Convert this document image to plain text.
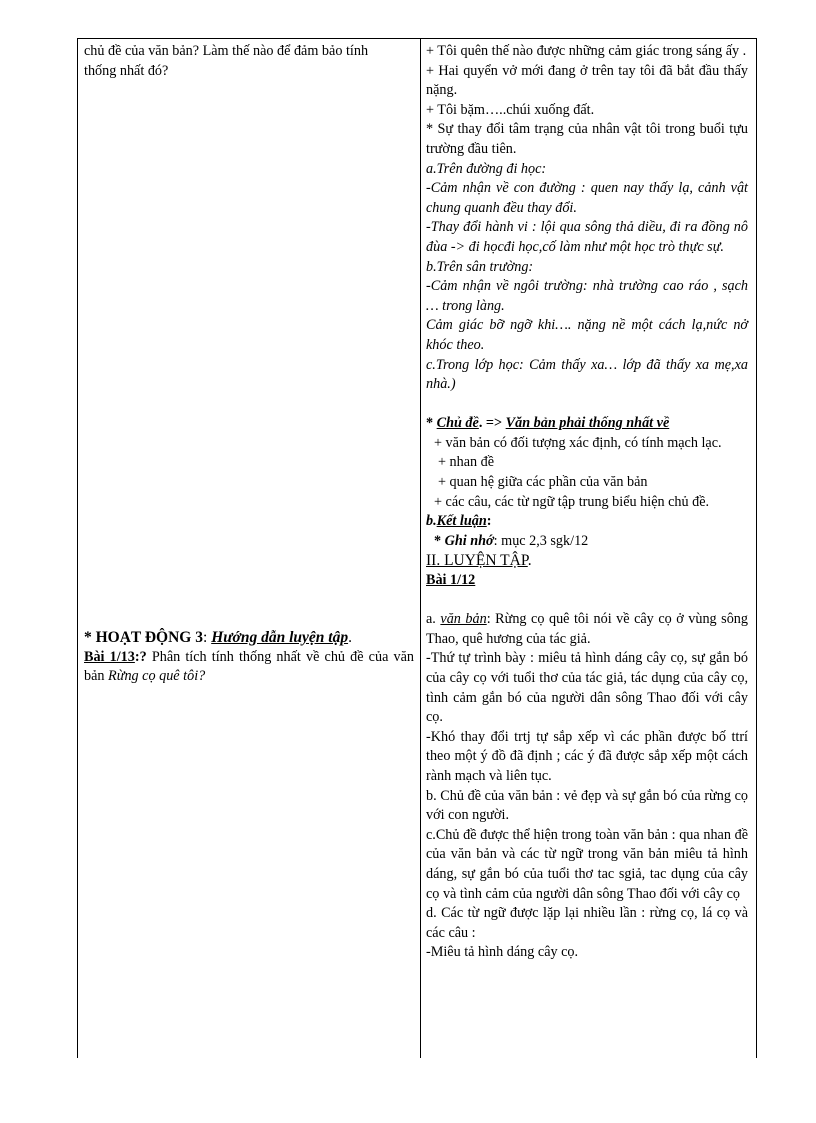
chủ đề của văn bản? Làm thế nào để đảm bảo tính

thống nhất đó?

* HOẠT ĐỘNG 3: Hướng dẫn luyện tập.

Bài 1/13:? Phân tích tính thống nhất về chủ đề của văn bản Rừng cọ quê tôi?

+ Tôi quên thế nào được những cảm giác trong sáng ấy .

+ Hai quyển vở mới đang ở trên tay tôi đã bắt đầu thấy nặng.

+ Tôi bặm…..chúi xuống đất.

* Sự thay đổi tâm trạng của nhân vật tôi trong buổi tựu trường đầu tiên.

a.Trên đường đi học:

-Cảm nhận về con đường : quen nay thấy lạ, cảnh vật chung quanh đều thay đổi.

-Thay đổi hành vi : lội qua sông thả diều, đi ra đồng nô đùa -> đi họcđi học,cố làm như một học trò thực sự.

b.Trên sân trường:

-Cảm nhận về ngôi trường: nhà trường cao ráo , sạch … trong làng.

Cảm giác bỡ ngỡ khi…. nặng nề một cách lạ,nức nở khóc theo.

c.Trong lớp học: Cảm thấy xa… lớp đã thấy xa mẹ,xa nhà.)

* Chủ đề. => Văn bản phải thống nhất về

+ văn bản có đối tượng xác định, có tính mạch lạc.

+ nhan đề

+ quan hệ giữa các phần của văn bản

+ các câu, các từ ngữ tập trung biểu hiện chủ đề.

b.Kết luận:

* Ghi nhớ: mục 2,3 sgk/12

II. LUYỆN TẬP.

Bài 1/12

a. văn bản: Rừng cọ quê tôi nói về cây cọ ở vùng sông Thao, quê hương của tác giả.

-Thứ tự trình bày : miêu tả hình dáng cây cọ, sự gắn bó của cây cọ với tuổi thơ của tác giả, tác dụng của cây cọ, tình cảm gắn bó của người dân sông Thao đối với cây cọ.

-Khó thay đổi trtj tự sắp xếp vì các phần được bố ttrí theo một ý đồ đã định ; các ý đã được sắp xếp một cách rành mạch và liên tục.

b. Chủ đề của văn bản : vẻ đẹp và sự gắn bó của rừng cọ với con người.

c.Chủ đề được thể hiện trong toàn văn bản : qua nhan đề của văn bản và các từ ngữ trong văn bản miêu tả hình dáng, sự gắn bó của tuổi thơ tac sgiả, tac dụng của cây cọ và tình cảm của người dân sông Thao đối với cây cọ

d. Các từ ngữ được lặp lại nhiều lần : rừng cọ, lá cọ và các câu :

-Miêu tả hình dáng cây cọ.
